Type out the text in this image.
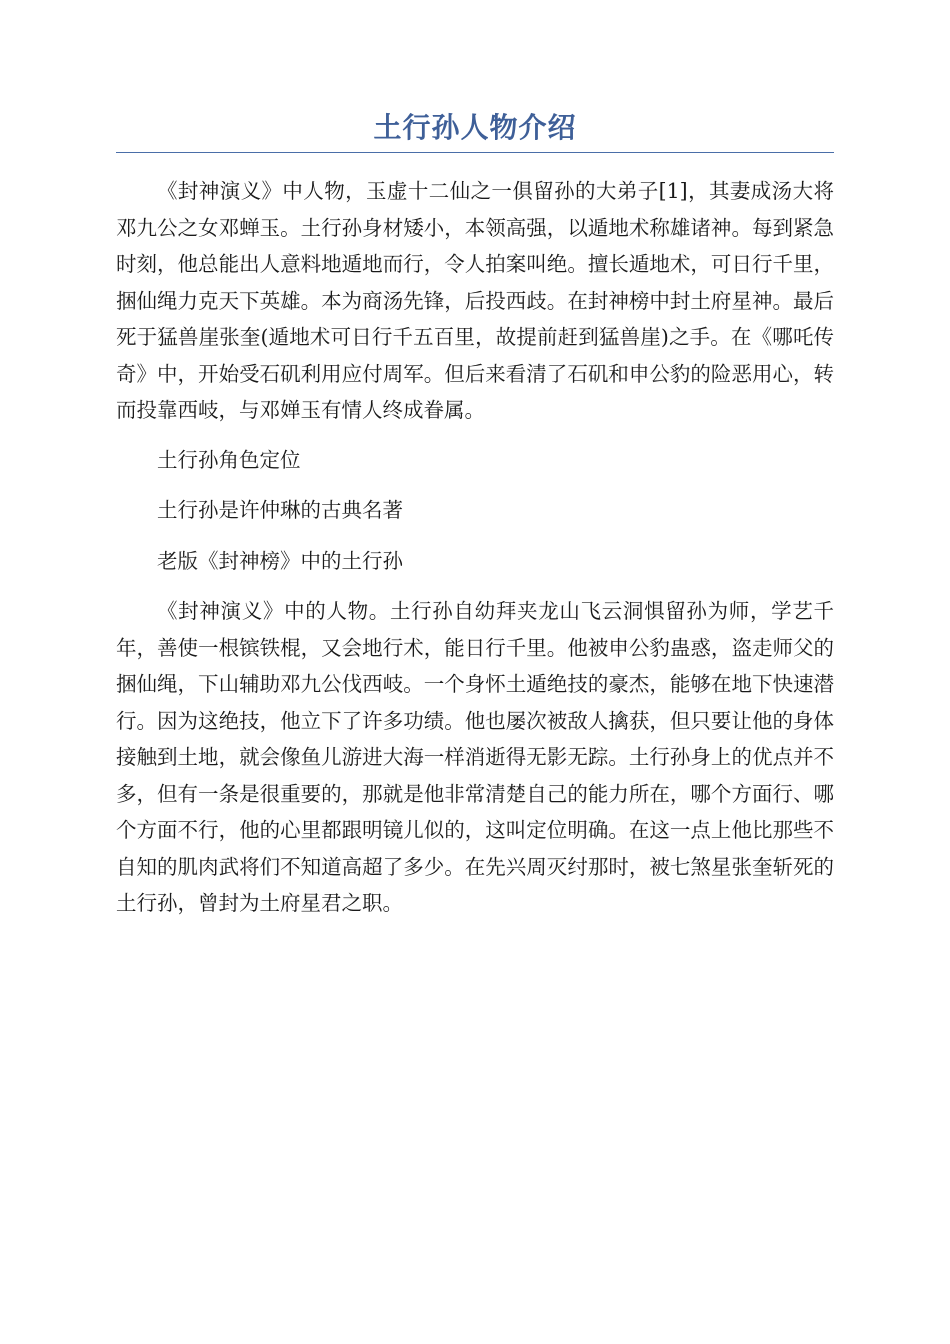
土行孙人物介绍

《封神演义》中人物，玉虚十二仙之一俱留孙的大弟子[1]，其妻成汤大将邓九公之女邓蝉玉。土行孙身材矮小，本领高强，以遁地术称雄诸神。每到紧急时刻，他总能出人意料地遁地而行，令人拍案叫绝。擅长遁地术，可日行千里，捆仙绳力克天下英雄。本为商汤先锋，后投西歧。在封神榜中封土府星神。最后死于猛兽崖张奎(遁地术可日行千五百里，故提前赶到猛兽崖)之手。在《哪吒传奇》中，开始受石矶利用应付周军。但后来看清了石矶和申公豹的险恶用心，转而投靠西岐，与邓婵玉有情人终成眷属。

土行孙角色定位

土行孙是许仲琳的古典名著

老版《封神榜》中的土行孙

《封神演义》中的人物。土行孙自幼拜夹龙山飞云洞惧留孙为师，学艺千年，善使一根镔铁棍，又会地行术，能日行千里。他被申公豹蛊惑，盗走师父的捆仙绳，下山辅助邓九公伐西岐。一个身怀土遁绝技的豪杰，能够在地下快速潜行。因为这绝技，他立下了许多功绩。他也屡次被敌人擒获，但只要让他的身体接触到土地，就会像鱼儿游进大海一样消逝得无影无踪。土行孙身上的优点并不多，但有一条是很重要的，那就是他非常清楚自己的能力所在，哪个方面行、哪个方面不行，他的心里都跟明镜儿似的，这叫定位明确。在这一点上他比那些不自知的肌肉武将们不知道高超了多少。在先兴周灭纣那时，被七煞星张奎斩死的土行孙，曾封为土府星君之职。
